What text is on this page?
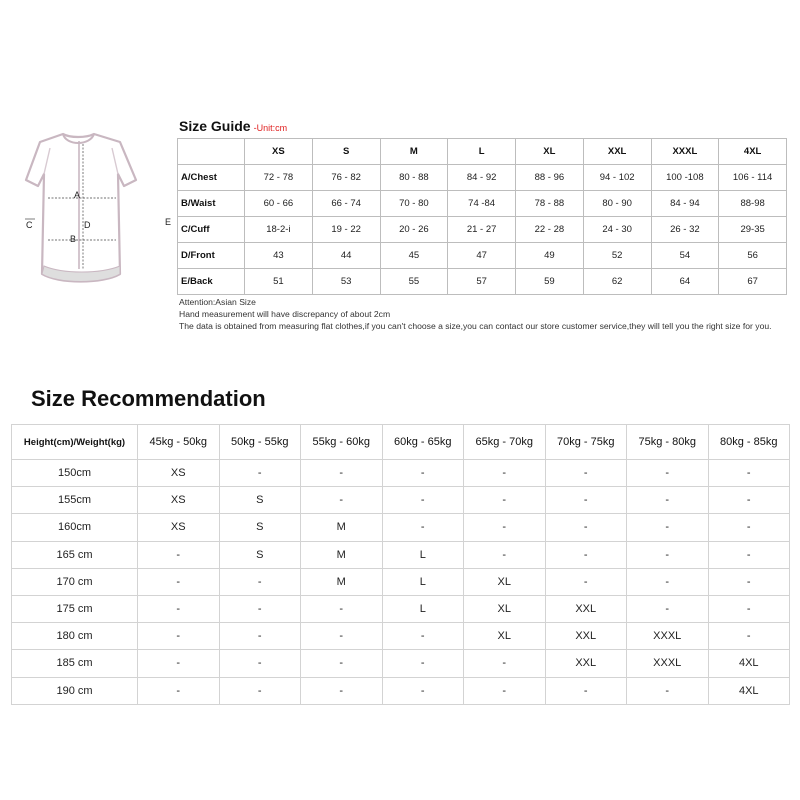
A
B
C	D	E
Size Guide -Unit:cm
	XS	S	M	L	XL	XXL	XXXL	4XL
A/Chest	72 - 78	76 - 82	80 - 88	84 - 92	88 - 96	94 - 102	100 -108	106 - 114
B/Waist	60 - 66	66 - 74	70 - 80	74 -84	78 - 88	80 - 90	84 - 94	88-98
C/Cuff	18-2-i	19 - 22	20 - 26	21 - 27	22 - 28	24 - 30	26 - 32	29-35
D/Front	43	44	45	47	49	52	54	56
E/Back	51	53	55	57	59	62	64	67
Attention:Asian Size
Hand measurement will have discrepancy of about 2cm
The data is obtained from measuring flat clothes,if you can't choose a size,you can contact our store customer service,they will tell you the right size for you.
Size Recommendation
Height(cm)/Weight(kg)	45kg - 50kg	50kg - 55kg	55kg - 60kg	60kg - 65kg	65kg - 70kg	70kg - 75kg	75kg - 80kg	80kg - 85kg
150cm	XS	-	-	-	-	-	-	-
155cm	XS	S	-	-	-	-	-	-
160cm	XS	S	M	-	-	-	-	-
165 cm	-	S	M	L	-	-	-	-
170 cm	-	-	M	L	XL	-	-	-
175 cm	-	-	-	L	XL	XXL	-	-
180 cm	-	-	-	-	XL	XXL	XXXL	-
185 cm	-	-	-	-	-	XXL	XXXL	4XL
190 cm	-	-	-	-	-	-	-	4XL
